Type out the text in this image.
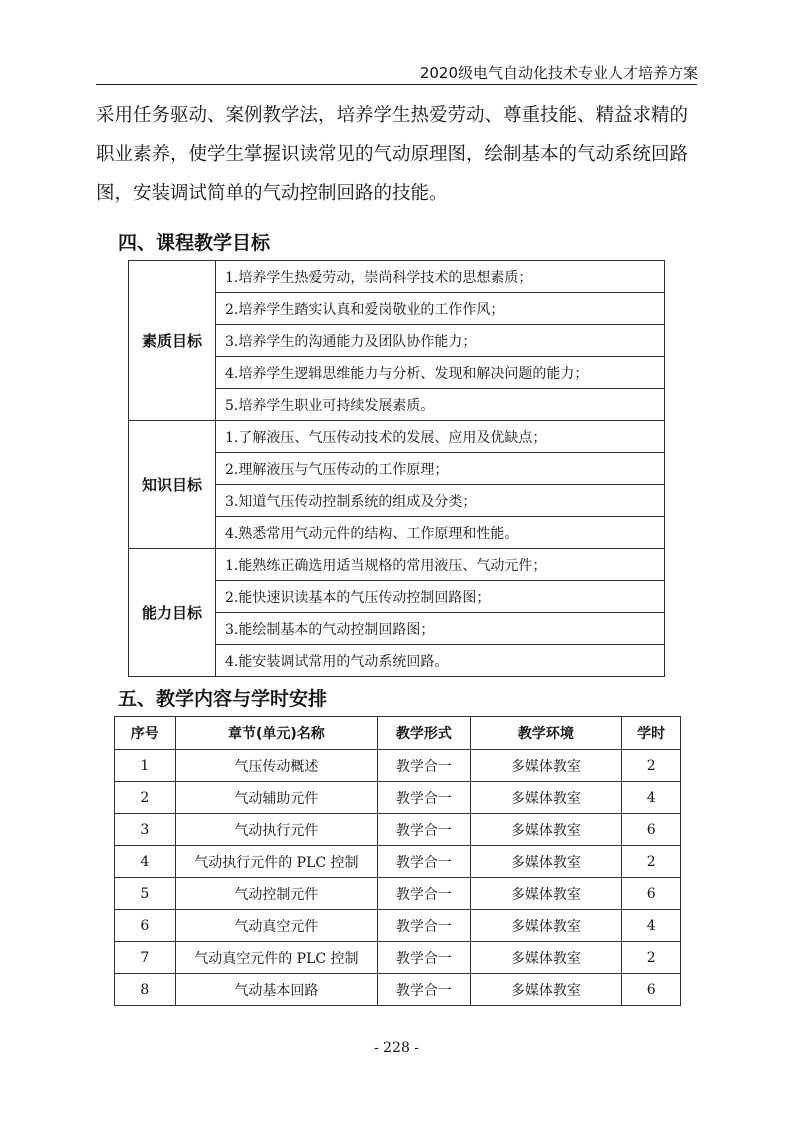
2020级电气自动化技术专业人才培养方案

采用任务驱动、案例教学法，培养学生热爱劳动、尊重技能、精益求精的

职业素养，使学生掌握识读常见的气动原理图，绘制基本的气动系统回路

图，安装调试简单的气动控制回路的技能。

四、课程教学目标
素质目标	1.培养学生热爱劳动，崇尚科学技术的思想素质；
	2.培养学生踏实认真和爱岗敬业的工作作风；
	3.培养学生的沟通能力及团队协作能力；
	4.培养学生逻辑思维能力与分析、发现和解决问题的能力；
	5.培养学生职业可持续发展素质。
知识目标	1.了解液压、气压传动技术的发展、应用及优缺点；
	2.理解液压与气压传动的工作原理；
	3.知道气压传动控制系统的组成及分类；
	4.熟悉常用气动元件的结构、工作原理和性能。
能力目标	1.能熟练正确选用适当规格的常用液压、气动元件；
	2.能快速识读基本的气压传动控制回路图；
	3.能绘制基本的气动控制回路图；
	4.能安装调试常用的气动系统回路。
五、教学内容与学时安排
序号	章节(单元)名称	教学形式	教学环境	学时
1	气压传动概述	教学合一	多媒体教室	2
2	气动辅助元件	教学合一	多媒体教室	4
3	气动执行元件	教学合一	多媒体教室	6
4	气动执行元件的 PLC 控制	教学合一	多媒体教室	2
5	气动控制元件	教学合一	多媒体教室	6
6	气动真空元件	教学合一	多媒体教室	4
7	气动真空元件的 PLC 控制	教学合一	多媒体教室	2
8	气动基本回路	教学合一	多媒体教室	6
- 228 -
